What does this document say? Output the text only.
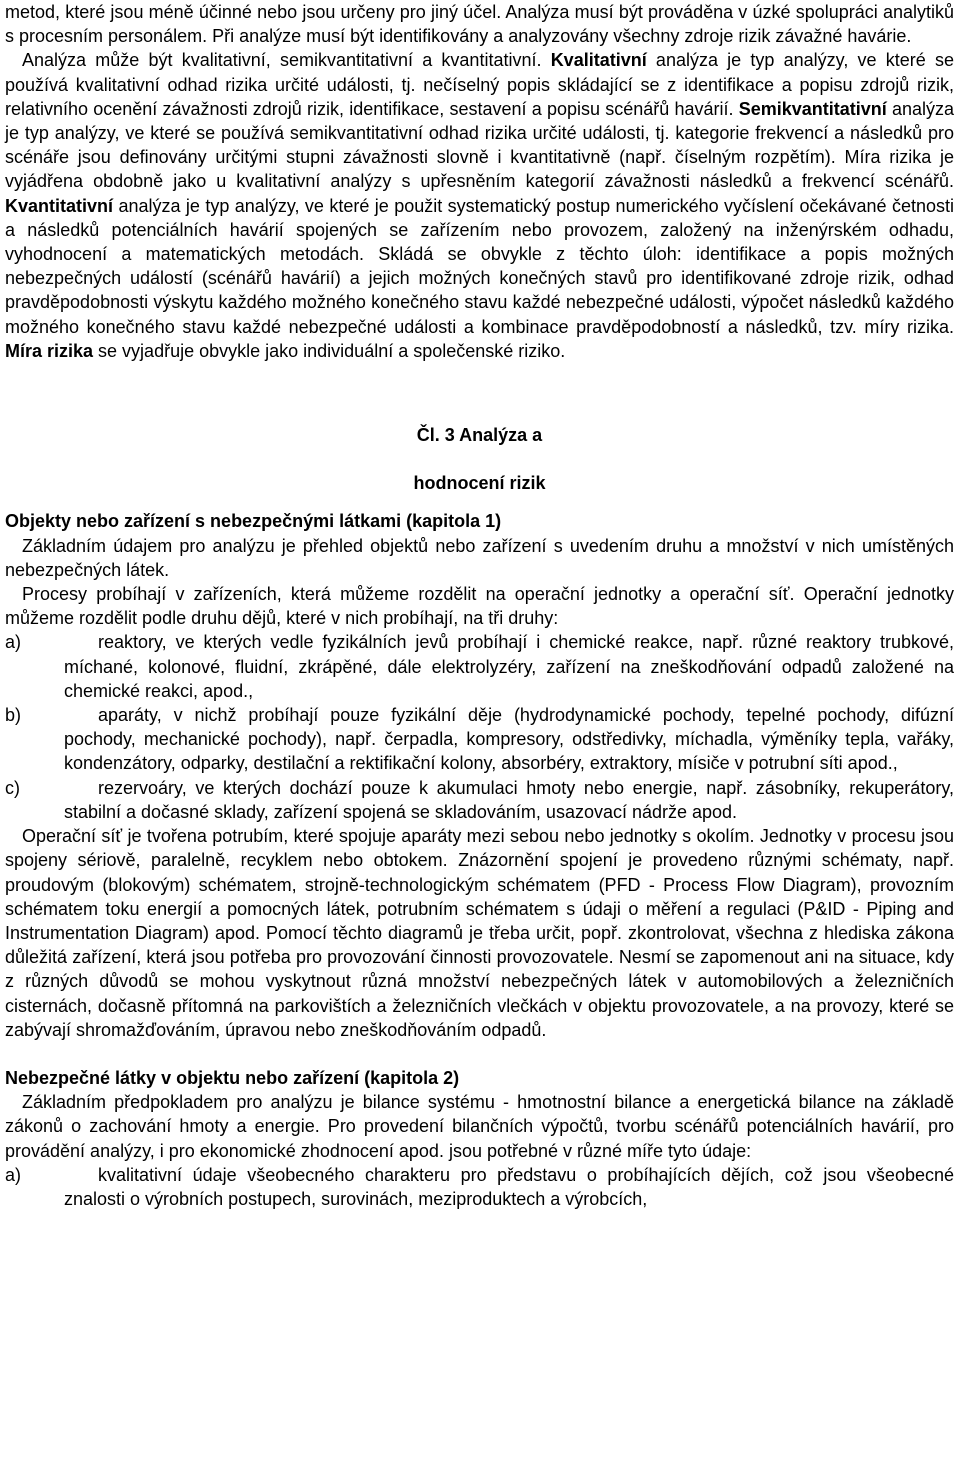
metod, které jsou méně účinné nebo jsou určeny pro jiný účel. Analýza musí být prováděna v úzké spolupráci analytiků s procesním personálem. Při analýze musí být identifikovány a analyzovány všechny zdroje rizik závažné havárie.

Analýza může být kvalitativní, semikvantitativní a kvantitativní. Kvalitativní analýza je typ analýzy, ve které se používá kvalitativní odhad rizika určité události, tj. nečíselný popis skládající se z identifikace a popisu zdrojů rizik, relativního ocenění závažnosti zdrojů rizik, identifikace, sestavení a popisu scénářů havárií. Semikvantitativní analýza je typ analýzy, ve které se používá semikvantitativní odhad rizika určité události, tj. kategorie frekvencí a následků pro scénáře jsou definovány určitými stupni závažnosti slovně i kvantitativně (např. číselným rozpětím). Míra rizika je vyjádřena obdobně jako u kvalitativní analýzy s upřesněním kategorií závažnosti následků a frekvencí scénářů. Kvantitativní analýza je typ analýzy, ve které je použit systematický postup numerického vyčíslení očekávané četnosti a následků potenciálních havárií spojených se zařízením nebo provozem, založený na inženýrském odhadu, vyhodnocení a matematických metodách. Skládá se obvykle z těchto úloh: identifikace a popis možných nebezpečných událostí (scénářů havárií) a jejich možných konečných stavů pro identifikované zdroje rizik, odhad pravděpodobnosti výskytu každého možného konečného stavu každé nebezpečné události, výpočet následků každého možného konečného stavu každé nebezpečné události a kombinace pravděpodobností a následků, tzv. míry rizika. Míra rizika se vyjadřuje obvykle jako individuální a společenské riziko.

Čl. 3 Analýza a

hodnocení rizik

Objekty nebo zařízení s nebezpečnými látkami (kapitola 1)

Základním údajem pro analýzu je přehled objektů nebo zařízení s uvedením druhu a množství v nich umístěných nebezpečných látek.

Procesy probíhají v zařízeních, která můžeme rozdělit na operační jednotky a operační síť. Operační jednotky můžeme rozdělit podle druhu dějů, které v nich probíhají, na tři druhy:

a)	reaktory, ve kterých vedle fyzikálních jevů probíhají i chemické reakce, např. různé reaktory trubkové, míchané, kolonové, fluidní, zkrápěné, dále elektrolyzéry, zařízení na zneškodňování odpadů založené na chemické reakci, apod.,
b)	aparáty, v nichž probíhají pouze fyzikální děje (hydrodynamické pochody, tepelné pochody, difúzní pochody, mechanické pochody), např. čerpadla, kompresory, odstředivky, míchadla, výměníky tepla, vařáky, kondenzátory, odparky, destilační a rektifikační kolony, absorbéry, extraktory, mísiče v potrubní síti apod.,
c)	rezervoáry, ve kterých dochází pouze k akumulaci hmoty nebo energie, např. zásobníky, rekuperátory, stabilní a dočasné sklady, zařízení spojená se skladováním, usazovací nádrže apod.

Operační síť je tvořena potrubím, které spojuje aparáty mezi sebou nebo jednotky s okolím. Jednotky v procesu jsou spojeny sériově, paralelně, recyklem nebo obtokem. Znázornění spojení je provedeno různými schématy, např. proudovým (blokovým) schématem, strojně-technologickým schématem (PFD - Process Flow Diagram), provozním schématem toku energií a pomocných látek, potrubním schématem s údaji o měření a regulaci (P&ID - Piping and Instrumentation Diagram) apod. Pomocí těchto diagramů je třeba určit, popř. zkontrolovat, všechna z hlediska zákona důležitá zařízení, která jsou potřeba pro provozování činnosti provozovatele. Nesmí se zapomenout ani na situace, kdy z různých důvodů se mohou vyskytnout různá množství nebezpečných látek v automobilových a železničních cisternách, dočasně přítomná na parkovištích a železničních vlečkách v objektu provozovatele, a na provozy, které se zabývají shromažďováním, úpravou nebo zneškodňováním odpadů.

Nebezpečné látky v objektu nebo zařízení (kapitola 2)

Základním předpokladem pro analýzu je bilance systému - hmotnostní bilance a energetická bilance na základě zákonů o zachování hmoty a energie. Pro provedení bilančních výpočtů, tvorbu scénářů potenciálních havárií, pro provádění analýzy, i pro ekonomické zhodnocení apod. jsou potřebné v různé míře tyto údaje:

a)	kvalitativní údaje všeobecného charakteru pro představu o probíhajících dějích, což jsou všeobecné znalosti o výrobních postupech, surovinách, meziproduktech a výrobcích,
